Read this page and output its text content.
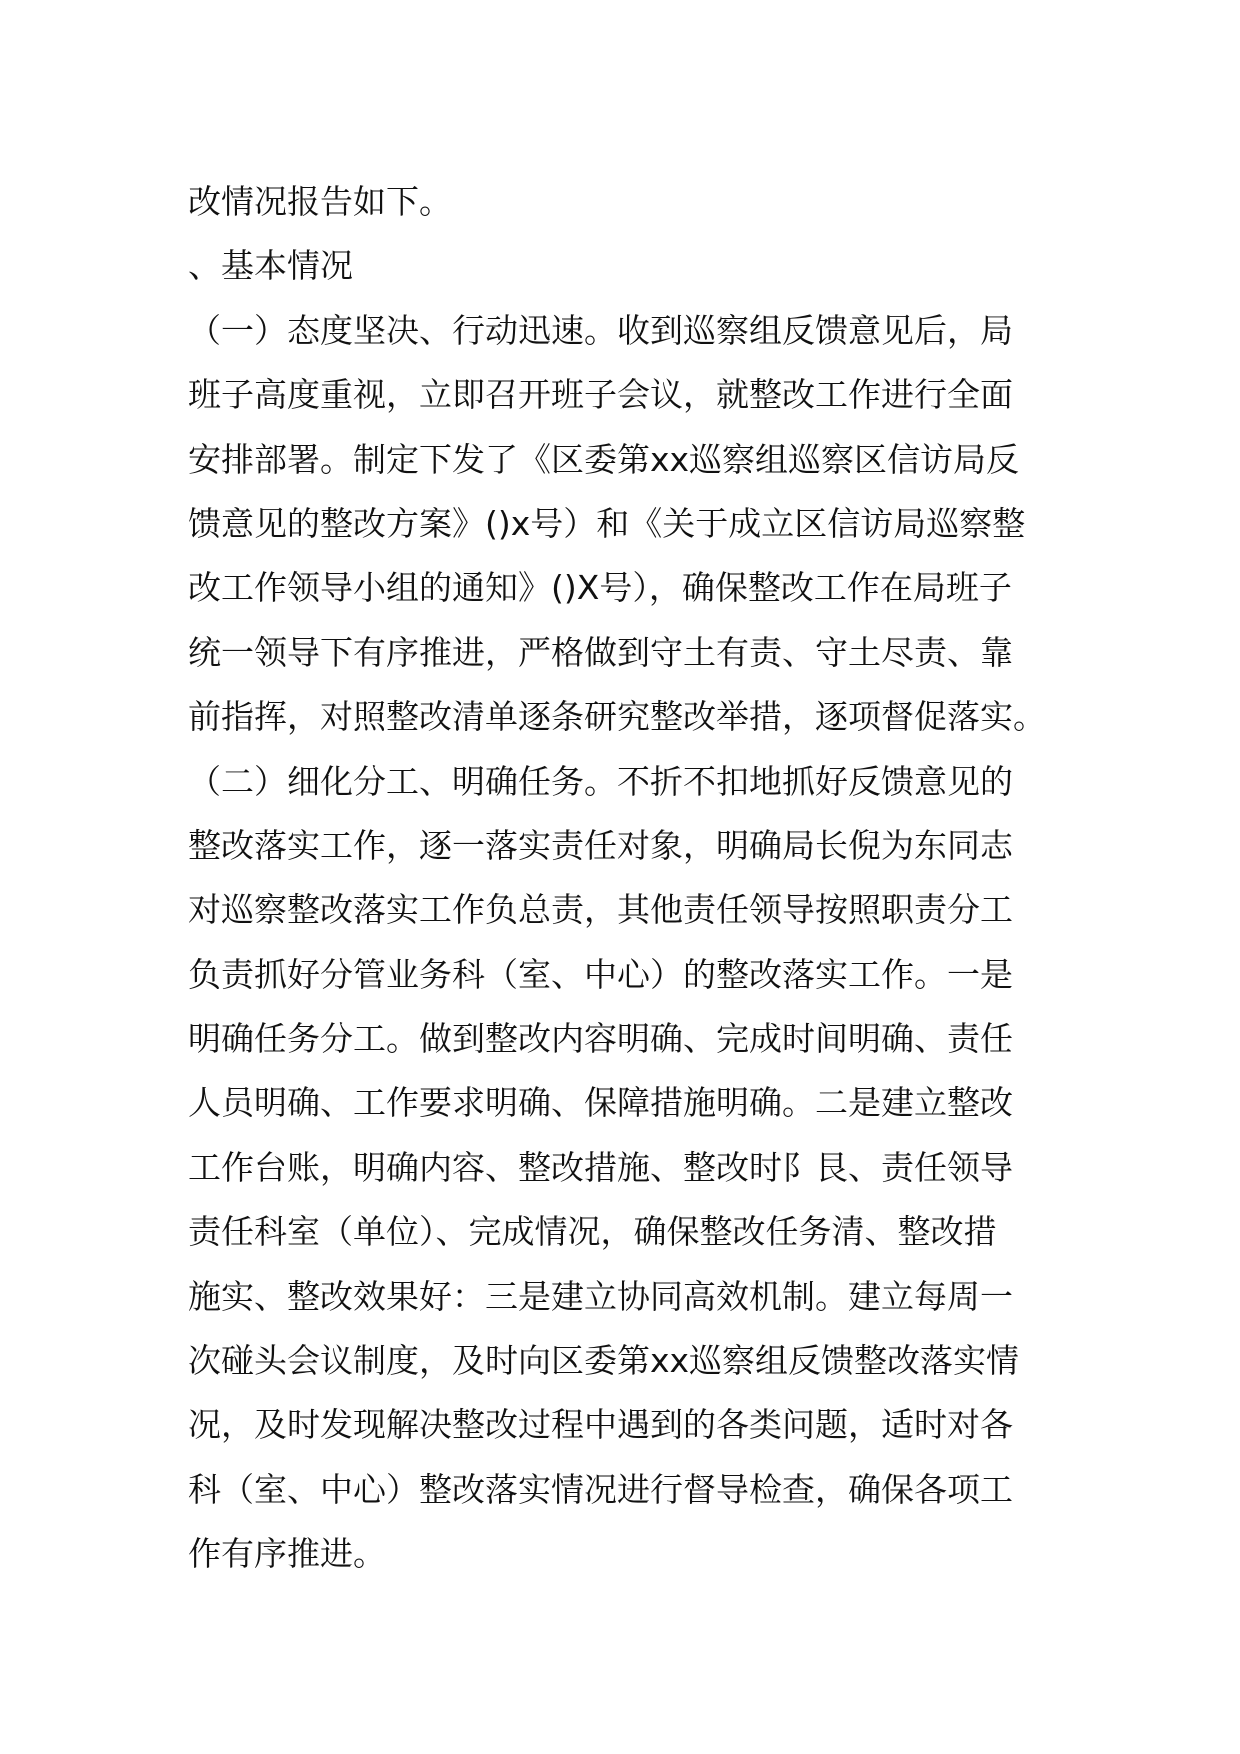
改情况报告如下。
、基本情况
（一）态度坚决、行动迅速。收到巡察组反馈意见后，局
班子高度重视，立即召开班子会议，就整改工作进行全面
安排部署。制定下发了《区委第xx巡察组巡察区信访局反
馈意见的整改方案》()x号）和《关于成立区信访局巡察整
改工作领导小组的通知》()X号），确保整改工作在局班子
统一领导下有序推进，严格做到守土有责、守土尽责、靠
前指挥，对照整改清单逐条研究整改举措，逐项督促落实。
（二）细化分工、明确任务。不折不扣地抓好反馈意见的
整改落实工作，逐一落实责任对象，明确局长倪为东同志
对巡察整改落实工作负总责，其他责任领导按照职责分工
负责抓好分管业务科（室、中心）的整改落实工作。一是
明确任务分工。做到整改内容明确、完成时间明确、责任
人员明确、工作要求明确、保障措施明确。二是建立整改
工作台账，明确内容、整改措施、整改时阝艮、责任领导
责任科室（单位）、完成情况，确保整改任务清、整改措
施实、整改效果好：三是建立协同高效机制。建立每周一
次碰头会议制度，及时向区委第xx巡察组反馈整改落实情
况，及时发现解决整改过程中遇到的各类问题，适时对各
科（室、中心）整改落实情况进行督导检查，确保各项工
作有序推进。
